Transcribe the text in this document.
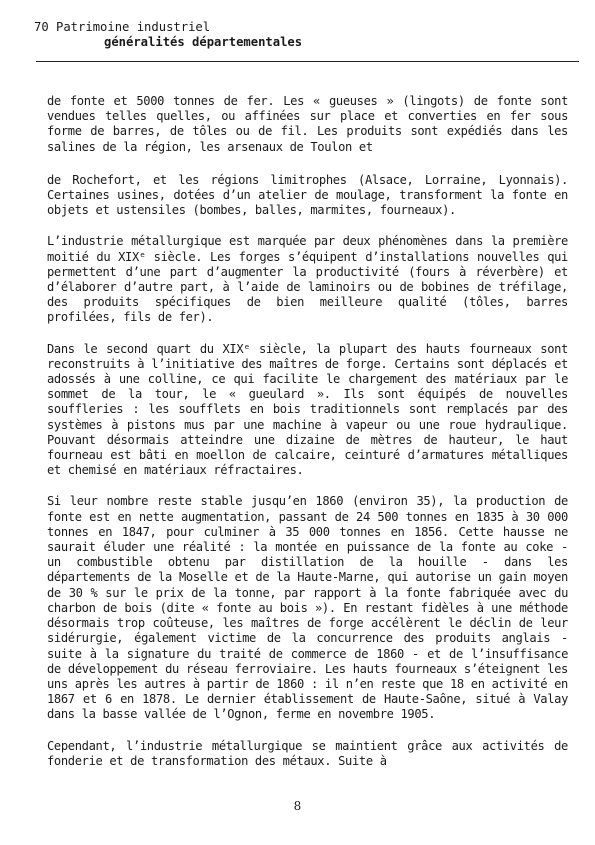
70 Patrimoine industriel
généralités départementales

de fonte et 5000 tonnes de fer. Les « gueuses » (lingots) de fonte sont vendues telles quelles, ou affinées sur place et converties en fer sous forme de barres, de tôles ou de fil. Les produits sont expédiés dans les salines de la région, les arsenaux de Toulon et

de Rochefort, et les régions limitrophes (Alsace, Lorraine, Lyonnais). Certaines usines, dotées d’un atelier de moulage, transforment la fonte en objets et ustensiles (bombes, balles, marmites, fourneaux).

L’industrie métallurgique est marquée par deux phénomènes dans la première moitié du XIXᵉ siècle. Les forges s’équipent d’installations nouvelles qui permettent d’une part d’augmenter la productivité (fours à réverbère) et d’élaborer d’autre part, à l’aide de laminoirs ou de bobines de tréfilage, des produits spécifiques de bien meilleure qualité (tôles, barres profilées, fils de fer).

Dans le second quart du XIXᵉ siècle, la plupart des hauts fourneaux sont reconstruits à l’initiative des maîtres de forge. Certains sont déplacés et adossés à une colline, ce qui facilite le chargement des matériaux par le sommet de la tour, le « gueulard ». Ils sont équipés de nouvelles souffleries : les soufflets en bois traditionnels sont remplacés par des systèmes à pistons mus par une machine à vapeur ou une roue hydraulique. Pouvant désormais atteindre une dizaine de mètres de hauteur, le haut fourneau est bâti en moellon de calcaire, ceinturé d’armatures métalliques et chemisé en matériaux réfractaires.

Si leur nombre reste stable jusqu’en 1860 (environ 35), la production de fonte est en nette augmentation, passant de 24 500 tonnes en 1835 à 30 000 tonnes en 1847, pour culminer à 35 000 tonnes en 1856. Cette hausse ne saurait éluder une réalité : la montée en puissance de la fonte au coke - un combustible obtenu par distillation de la houille - dans les départements de la Moselle et de la Haute-Marne, qui autorise un gain moyen de 30 % sur le prix de la tonne, par rapport à la fonte fabriquée avec du charbon de bois (dite « fonte au bois »). En restant fidèles à une méthode désormais trop coûteuse, les maîtres de forge accélèrent le déclin de leur sidérurgie, également victime de la concurrence des produits anglais - suite à la signature du traité de commerce de 1860 - et de l’insuffisance de développement du réseau ferroviaire. Les hauts fourneaux s’éteignent les uns après les autres à partir de 1860 : il n’en reste que 18 en activité en 1867 et 6 en 1878. Le dernier établissement de Haute-Saône, situé à Valay dans la basse vallée de l’Ognon, ferme en novembre 1905.

Cependant, l’industrie métallurgique se maintient grâce aux activités de fonderie et de transformation des métaux. Suite à

8
